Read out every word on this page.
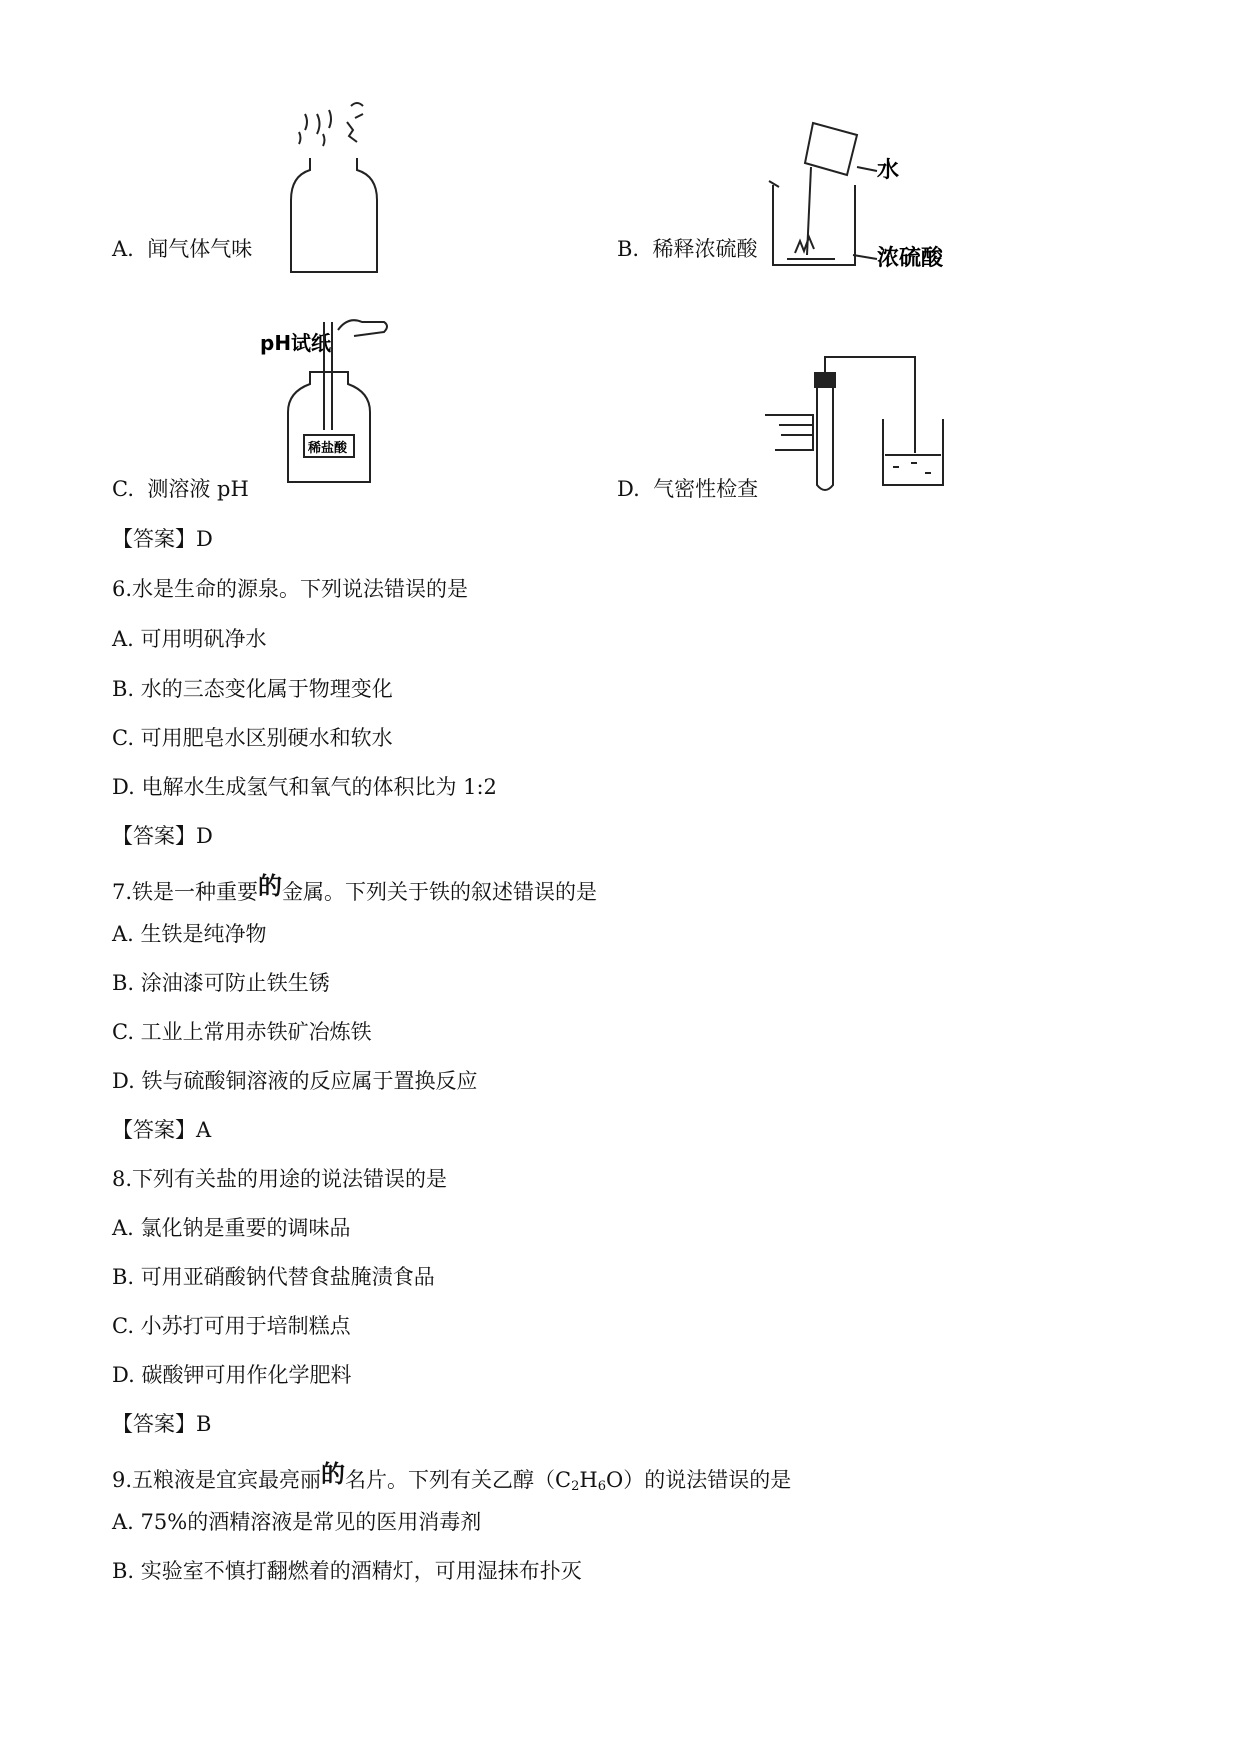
A. 闻气体气味	B. 稀释浓硫酸
C. 测溶液 pH	D. 气密性检查
水
浓硫酸
pH试纸
稀盐酸
【答案】D
6.水是生命的源泉。下列说法错误的是
A. 可用明矾净水
B. 水的三态变化属于物理变化
C. 可用肥皂水区别硬水和软水
D. 电解水生成氢气和氧气的体积比为 1:2
【答案】D
7.铁是一种重要的金属。下列关于铁的叙述错误的是
A. 生铁是纯净物
B. 涂油漆可防止铁生锈
C. 工业上常用赤铁矿冶炼铁
D. 铁与硫酸铜溶液的反应属于置换反应
【答案】A
8.下列有关盐的用途的说法错误的是
A. 氯化钠是重要的调味品
B. 可用亚硝酸钠代替食盐腌渍食品
C. 小苏打可用于培制糕点
D. 碳酸钾可用作化学肥料
【答案】B
9.五粮液是宜宾最亮丽的名片。下列有关乙醇$(C_2H_6O)$的说法错误的是
A. 75%的酒精溶液是常见的医用消毒剂
B. 实验室不慎打翻燃着的酒精灯，可用湿抹布扑灭
